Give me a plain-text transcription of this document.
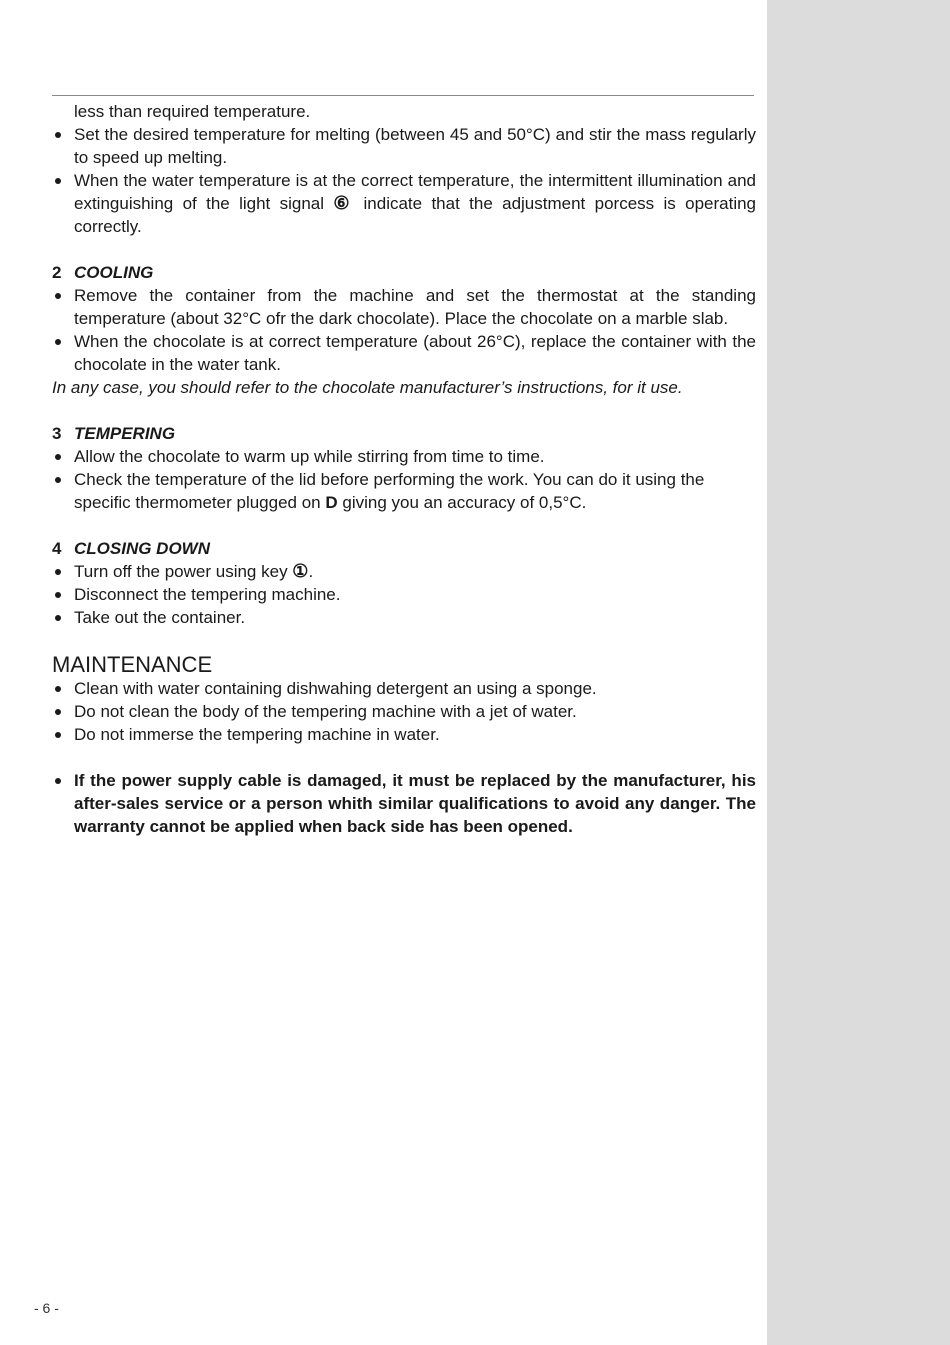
less than required temperature.
Set the desired temperature for melting (between 45 and 50°C) and stir the mass regularly to speed up melting.
When the water temperature is at the correct temperature, the intermittent illumination and extinguishing of the light signal ⑥ indicate that the adjustment porcess is operating correctly.
2 COOLING
Remove the container from the machine and set the thermostat at the standing temperature (about 32°C ofr the dark chocolate). Place the chocolate on a marble slab.
When the chocolate is at correct temperature (about 26°C), replace the container with the chocolate in the water tank.
In any case, you should refer to the chocolate manufacturer’s instructions, for it use.
3 TEMPERING
Allow the chocolate to warm up while stirring from time to time.
Check the temperature of the lid before performing the work. You can do it using the specific thermometer plugged on D giving you an accuracy of 0,5°C.
4 CLOSING DOWN
Turn off the power using key ①.
Disconnect the tempering machine.
Take out the container.
MAINTENANCE
Clean with water containing dishwahing detergent an using a sponge.
Do not clean the body of the tempering machine with a jet of water.
Do not immerse the tempering machine in water.
If the power supply cable is damaged, it must be replaced by the manufacturer, his after-sales service or a person whith similar qualifications to avoid any danger. The warranty cannot be applied when back side has been opened.
- 6 -
